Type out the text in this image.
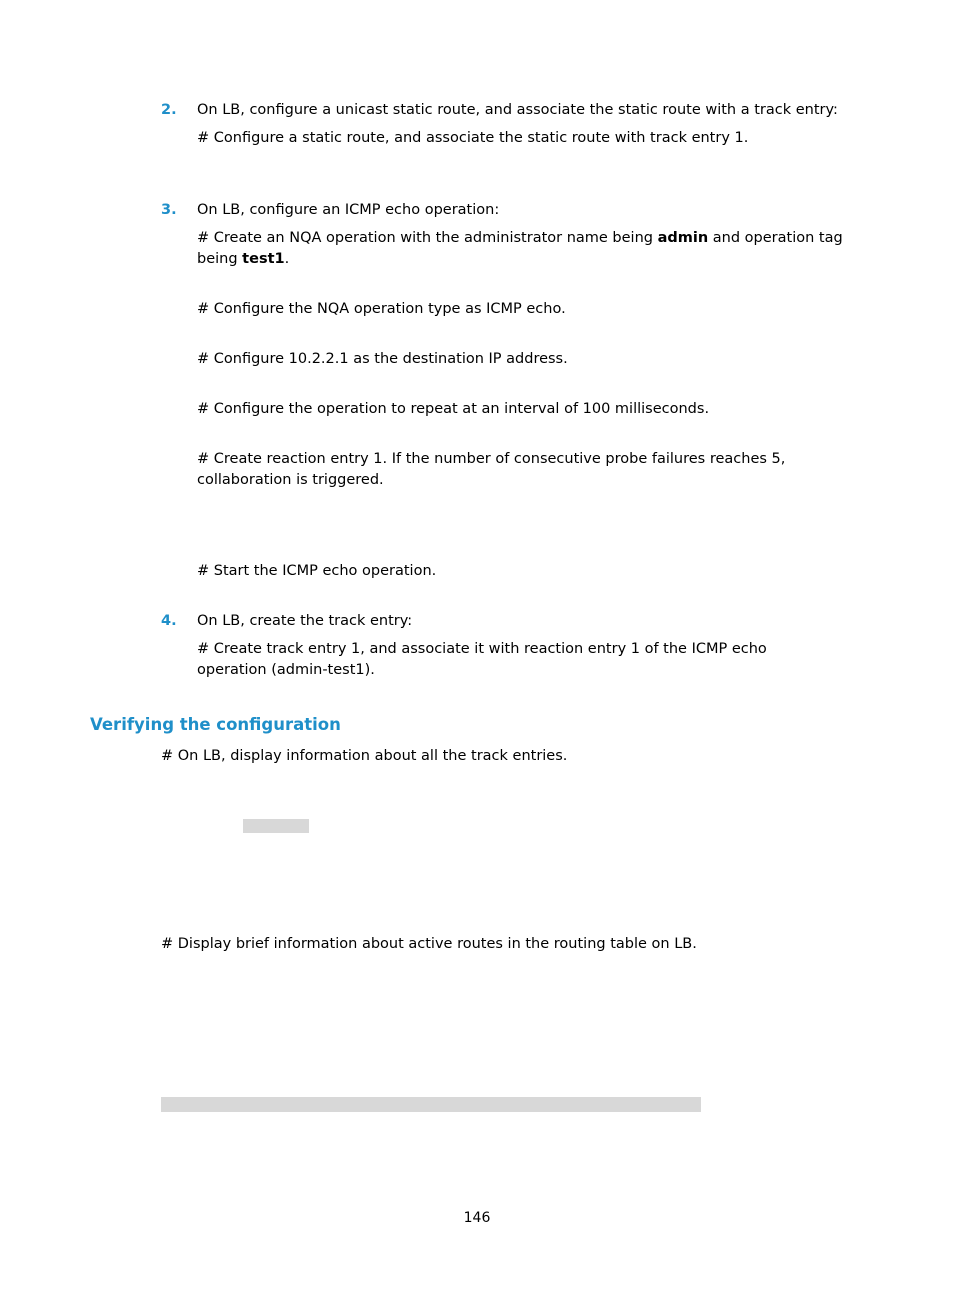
2. On LB, configure a unicast static route, and associate the static route with a track entry:
# Configure a static route, and associate the static route with track entry 1.
3. On LB, configure an ICMP echo operation:
# Create an NQA operation with the administrator name being admin and operation tag being test1.
# Configure the NQA operation type as ICMP echo.
# Configure 10.2.2.1 as the destination IP address.
# Configure the operation to repeat at an interval of 100 milliseconds.
# Create reaction entry 1. If the number of consecutive probe failures reaches 5, collaboration is triggered.
# Start the ICMP echo operation.
4. On LB, create the track entry:
# Create track entry 1, and associate it with reaction entry 1 of the ICMP echo operation (admin-test1).
Verifying the configuration
# On LB, display information about all the track entries.
# Display brief information about active routes in the routing table on LB.
146
